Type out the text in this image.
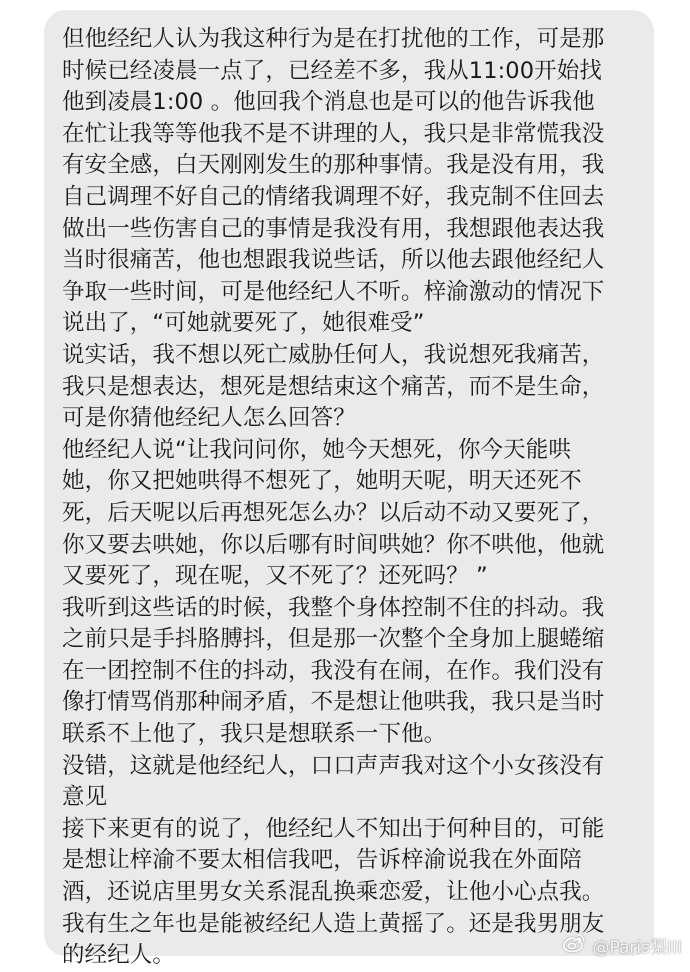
但他经纪人认为我这种行为是在打扰他的工作，可是那
时候已经凌晨一点了，已经差不多，我从11:00开始找
他到凌晨1:00 。他回我个消息也是可以的他告诉我他
在忙让我等等他我不是不讲理的人，我只是非常慌我没
有安全感，白天刚刚发生的那种事情。我是没有用，我
自己调理不好自己的情绪我调理不好，我克制不住回去
做出一些伤害自己的事情是我没有用，我想跟他表达我
当时很痛苦，他也想跟我说些话，所以他去跟他经纪人
争取一些时间，可是他经纪人不听。梓渝激动的情况下
说出了，“可她就要死了，她很难受”
说实话，我不想以死亡威胁任何人，我说想死我痛苦，
我只是想表达，想死是想结束这个痛苦，而不是生命，
可是你猜他经纪人怎么回答？
他经纪人说“让我问问你，她今天想死，你今天能哄
她，你又把她哄得不想死了，她明天呢，明天还死不
死，后天呢以后再想死怎么办？以后动不动又要死了，
你又要去哄她，你以后哪有时间哄她？你不哄他，他就
又要死了，现在呢，又不死了？还死吗？ ”
我听到这些话的时候，我整个身体控制不住的抖动。我
之前只是手抖胳膊抖，但是那一次整个全身加上腿蜷缩
在一团控制不住的抖动，我没有在闹，在作。我们没有
像打情骂俏那种闹矛盾，不是想让他哄我，我只是当时
联系不上他了，我只是想联系一下他。
没错，这就是他经纪人，口口声声我对这个小女孩没有
意见
接下来更有的说了，他经纪人不知出于何种目的，可能
是想让梓渝不要太相信我吧，告诉梓渝说我在外面陪
酒，还说店里男女关系混乱换乘恋爱，让他小心点我。
我有生之年也是能被经纪人造上黄摇了。还是我男朋友
的经纪人。	@Paris梨III
